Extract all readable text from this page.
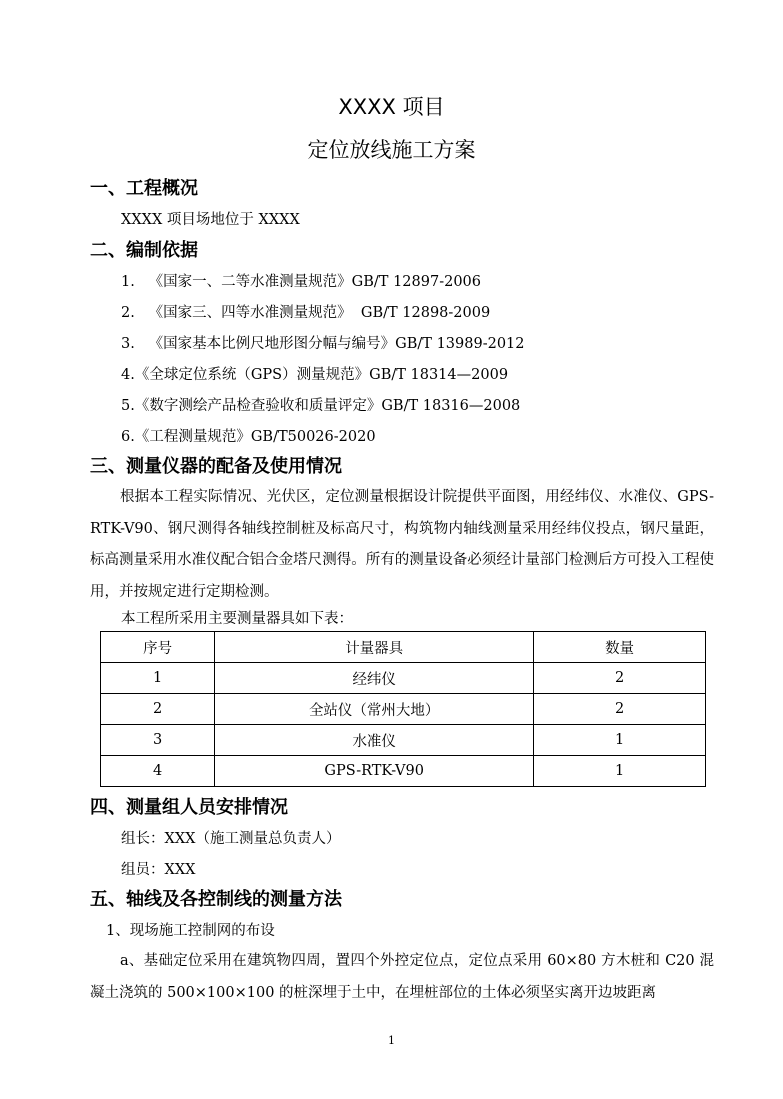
XXXX 项目
定位放线施工方案
一、工程概况
XXXX 项目场地位于 XXXX
二、编制依据
1.   《国家一、二等水准测量规范》GB/T 12897-2006
2.   《国家三、四等水准测量规范》  GB/T 12898-2009
3.   《国家基本比例尺地形图分幅与编号》GB/T 13989-2012
4.《全球定位系统（GPS）测量规范》GB/T 18314—2009
5.《数字测绘产品检查验收和质量评定》GB/T 18316—2008
6.《工程测量规范》GB/T50026-2020
三、测量仪器的配备及使用情况
根据本工程实际情况、光伏区，定位测量根据设计院提供平面图，用经纬仪、水准仪、GPS-RTK-V90、钢尺测得各轴线控制桩及标高尺寸，构筑物内轴线测量采用经纬仪投点，钢尺量距，标高测量采用水准仪配合铝合金塔尺测得。所有的测量设备必须经计量部门检测后方可投入工程使用，并按规定进行定期检测。
本工程所采用主要测量器具如下表：
序号	计量器具	数量
1	经纬仪	2
2	全站仪（常州大地）	2
3	水准仪	1
4	GPS-RTK-V90	1
四、测量组人员安排情况
组长：XXX（施工测量总负责人）
组员：XXX
五、轴线及各控制线的测量方法
1、现场施工控制网的布设
a、基础定位采用在建筑物四周，置四个外控定位点，定位点采用 60×80 方木桩和 C20 混凝土浇筑的 500×100×100 的桩深埋于土中，在埋桩部位的土体必须坚实离开边坡距离
1
